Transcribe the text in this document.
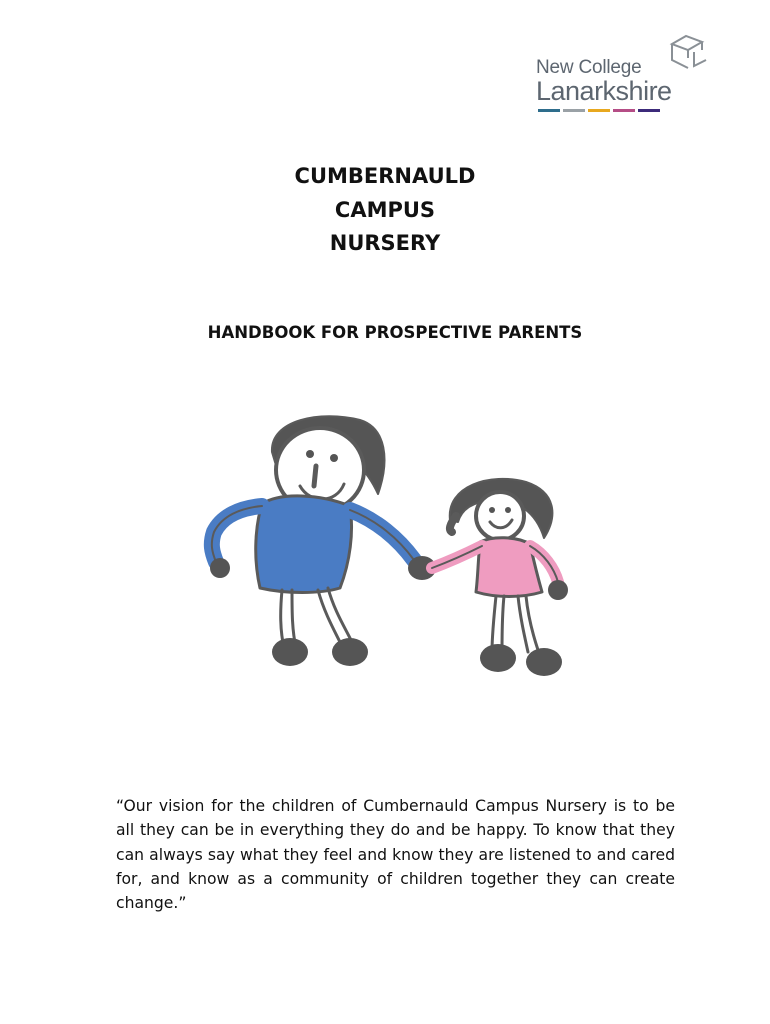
New College
Lanarkshire
CUMBERNAULD
CAMPUS
NURSERY
HANDBOOK FOR PROSPECTIVE PARENTS
“Our vision for the children of Cumbernauld Campus Nursery is to be all they can be in everything they do and be happy. To know that they can always say what they feel and know they are listened to and cared for, and know as a community of children together they can create change.”
